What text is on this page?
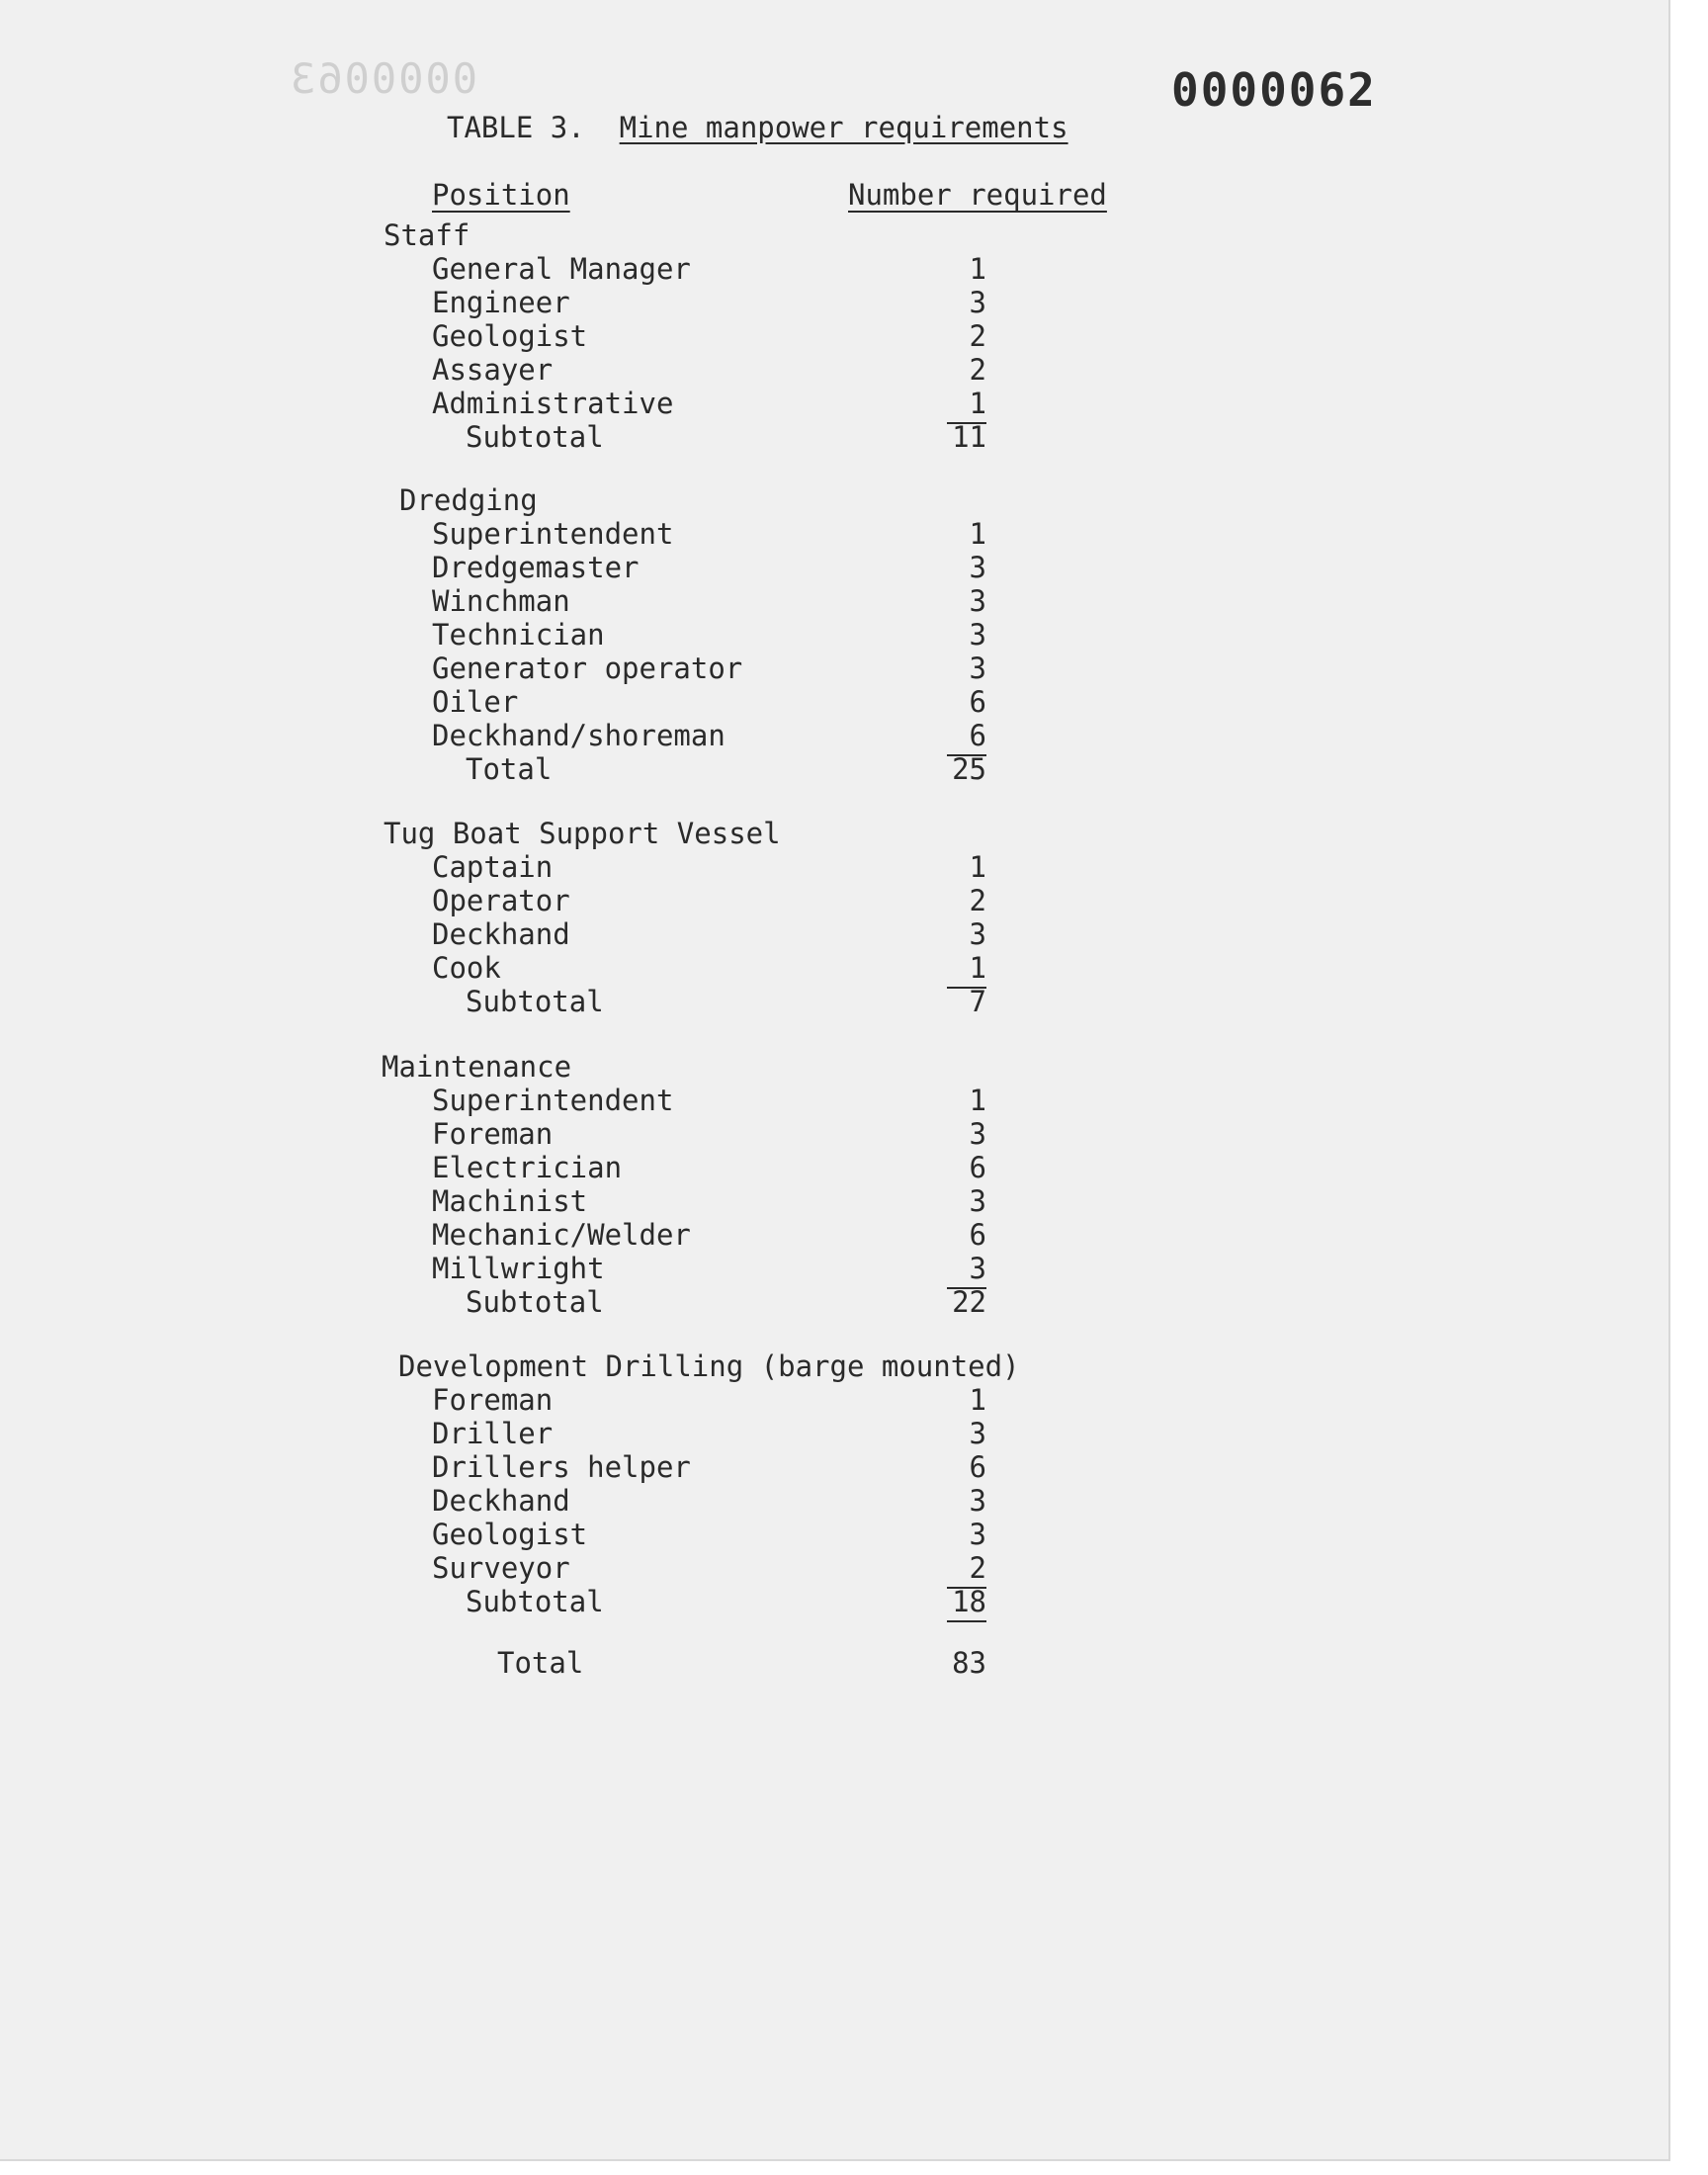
0000063	0000062
TABLE 3. Mine manpower requirements
Position	Number required
Staff
General Manager	1
Engineer	3
Geologist	2
Assayer	2
Administrative	1
Subtotal	11
Dredging
Superintendent	1
Dredgemaster	3
Winchman	3
Technician	3
Generator operator	3
Oiler	6
Deckhand/shoreman	6
Total	25
Tug Boat Support Vessel
Captain	1
Operator	2
Deckhand	3
Cook	1
Subtotal	7
Maintenance
Superintendent	1
Foreman	3
Electrician	6
Machinist	3
Mechanic/Welder	6
Millwright	3
Subtotal	22
Development Drilling (barge mounted)
Foreman	1
Driller	3
Drillers helper	6
Deckhand	3
Geologist	3
Surveyor	2
Subtotal	18
Total	83
